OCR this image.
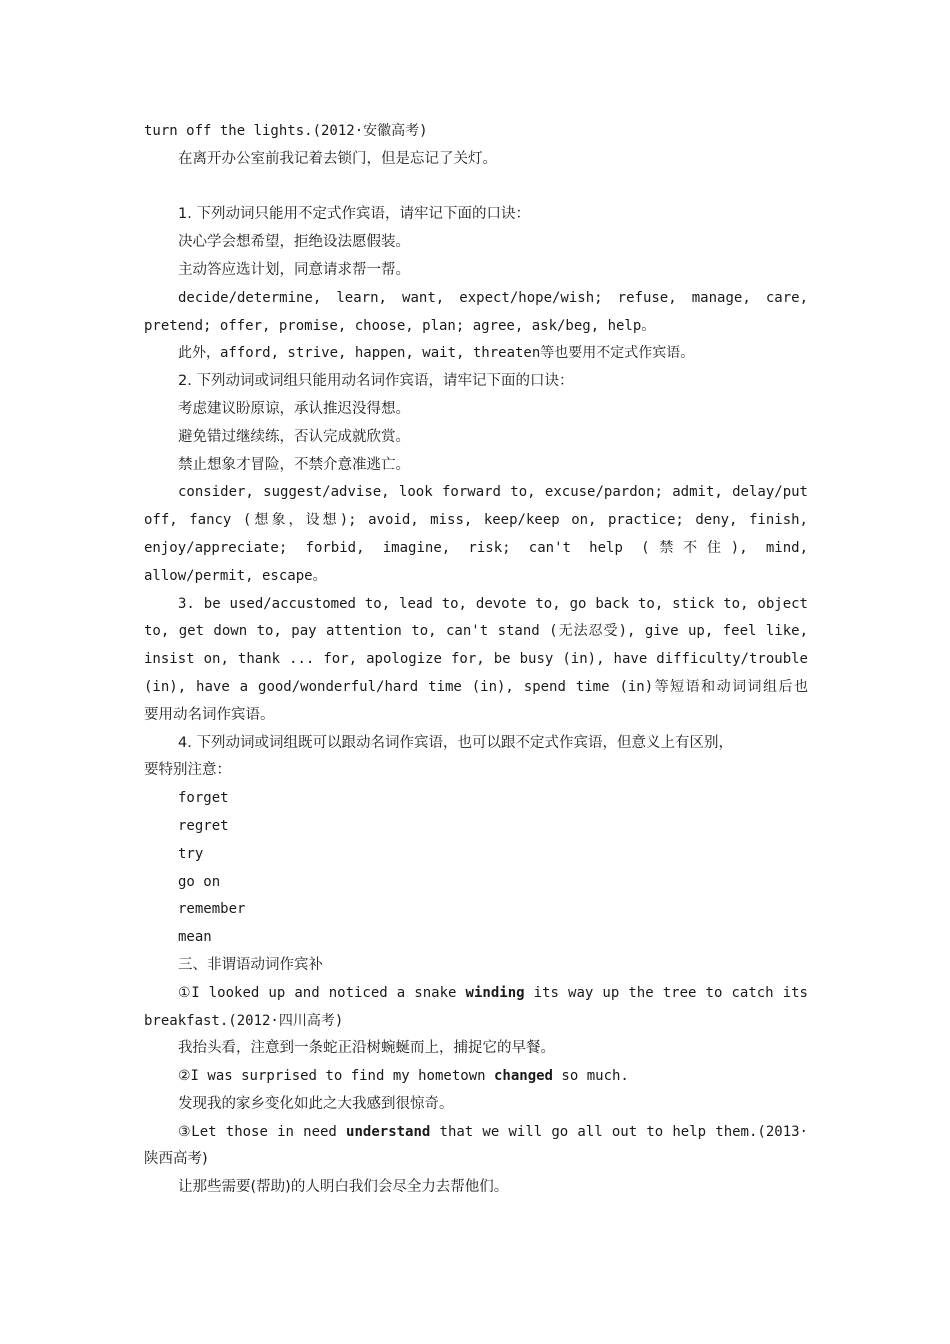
turn off the lights.(2012·安徽高考)
在离开办公室前我记着去锁门，但是忘记了关灯。
1. 下列动词只能用不定式作宾语，请牢记下面的口诀：
决心学会想希望，拒绝设法愿假装。
主动答应选计划，同意请求帮一帮。
decide/determine, learn, want, expect/hope/wish; refuse, manage, care,
pretend; offer, promise, choose, plan; agree, ask/beg, help。
此外，afford, strive, happen, wait, threaten等也要用不定式作宾语。
2. 下列动词或词组只能用动名词作宾语，请牢记下面的口诀：
考虑建议盼原谅，承认推迟没得想。
避免错过继续练，否认完成就欣赏。
禁止想象才冒险，不禁介意准逃亡。
consider, suggest/advise, look forward to, excuse/pardon; admit, delay/put
off, fancy (想象，设想); avoid, miss, keep/keep on, practice; deny, finish,
enjoy/appreciate; forbid, imagine, risk; can't help (禁不住), mind,
allow/permit, escape。
3. be used/accustomed to, lead to, devote to, go back to, stick to, object
to, get down to, pay attention to, can't stand (无法忍受), give up, feel like,
insist on, thank ... for, apologize for, be busy (in), have difficulty/trouble
(in), have a good/wonderful/hard time (in), spend time (in)等短语和动词词组后也
要用动名词作宾语。
4. 下列动词或词组既可以跟动名词作宾语，也可以跟不定式作宾语，但意义上有区别，
要特别注意：
forget
regret
try
go on
remember
mean
三、非谓语动词作宾补
①I looked up and noticed a snake winding its way up the tree to catch its
breakfast.(2012·四川高考)
我抬头看，注意到一条蛇正沿树蜿蜒而上，捕捉它的早餐。
②I was surprised to find my hometown changed so much.
发现我的家乡变化如此之大我感到很惊奇。
③Let those in need understand that we will go all out to help them.(2013·
陕西高考)
让那些需要(帮助)的人明白我们会尽全力去帮他们。
